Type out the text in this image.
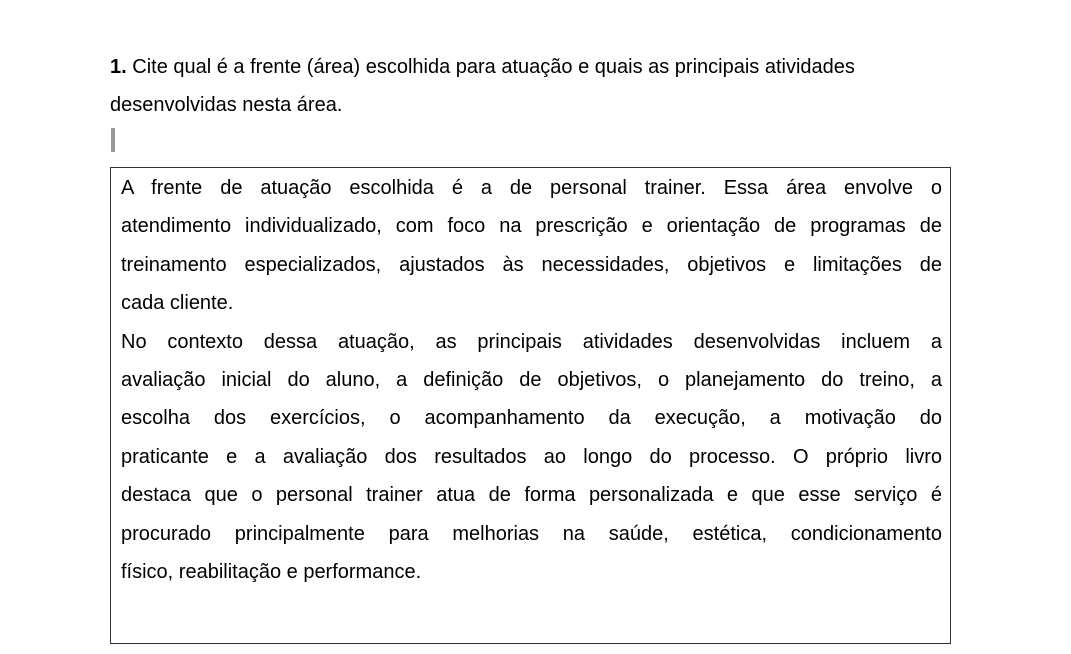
1. Cite qual é a frente (área) escolhida para atuação e quais as principais atividades
desenvolvidas nesta área.
A frente de atuação escolhida é a de personal trainer. Essa área envolve o
atendimento individualizado, com foco na prescrição e orientação de programas de
treinamento especializados, ajustados às necessidades, objetivos e limitações de
cada cliente.
No contexto dessa atuação, as principais atividades desenvolvidas incluem a
avaliação inicial do aluno, a definição de objetivos, o planejamento do treino, a
escolha dos exercícios, o acompanhamento da execução, a motivação do
praticante e a avaliação dos resultados ao longo do processo. O próprio livro
destaca que o personal trainer atua de forma personalizada e que esse serviço é
procurado principalmente para melhorias na saúde, estética, condicionamento
físico, reabilitação e performance.
